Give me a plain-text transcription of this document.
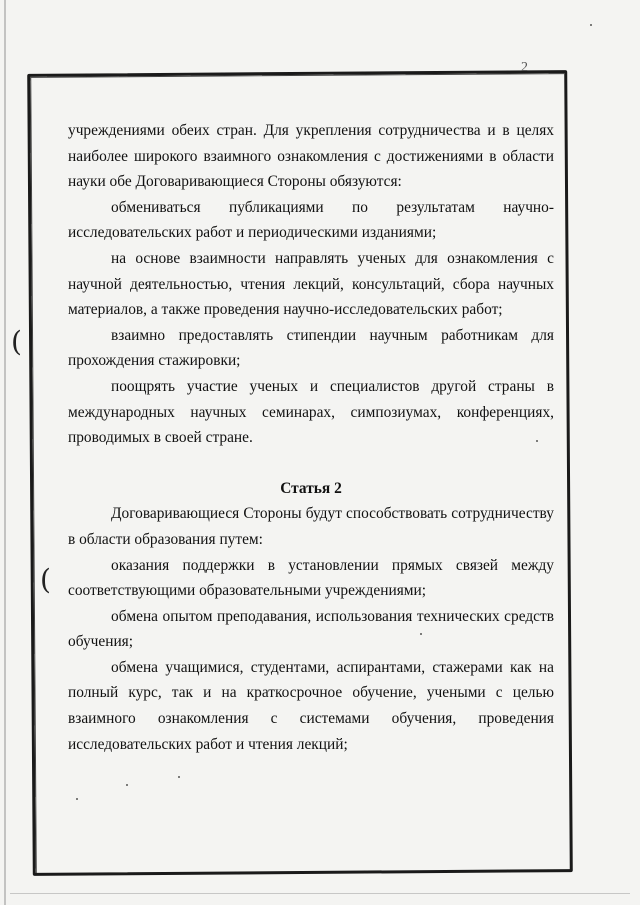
2
(
(

учреждениями обеих стран. Для укрепления сотрудничества и в целях наиболее широкого взаимного ознакомления с достижениями в области науки обе Договаривающиеся Стороны обязуются:

обмениваться публикациями по результатам научно-исследовательских работ и периодическими изданиями;

на основе взаимности направлять ученых для ознакомления с научной деятельностью, чтения лекций, консультаций, сбора научных материалов, а также проведения научно-исследовательских работ;

взаимно предоставлять стипендии научным работникам для прохождения стажировки;

поощрять участие ученых и специалистов другой страны в международных научных семинарах, симпозиумах, конференциях, проводимых в своей стране.

Статья 2

Договаривающиеся Стороны будут способствовать сотрудничеству в области образования путем:

оказания поддержки в установлении прямых связей между соответствующими образовательными учреждениями;

обмена опытом преподавания, использования технических средств обучения;

обмена учащимися, студентами, аспирантами, стажерами как на полный курс, так и на краткосрочное обучение, учеными с целью взаимного ознакомления с системами обучения, проведения исследовательских работ и чтения лекций;
